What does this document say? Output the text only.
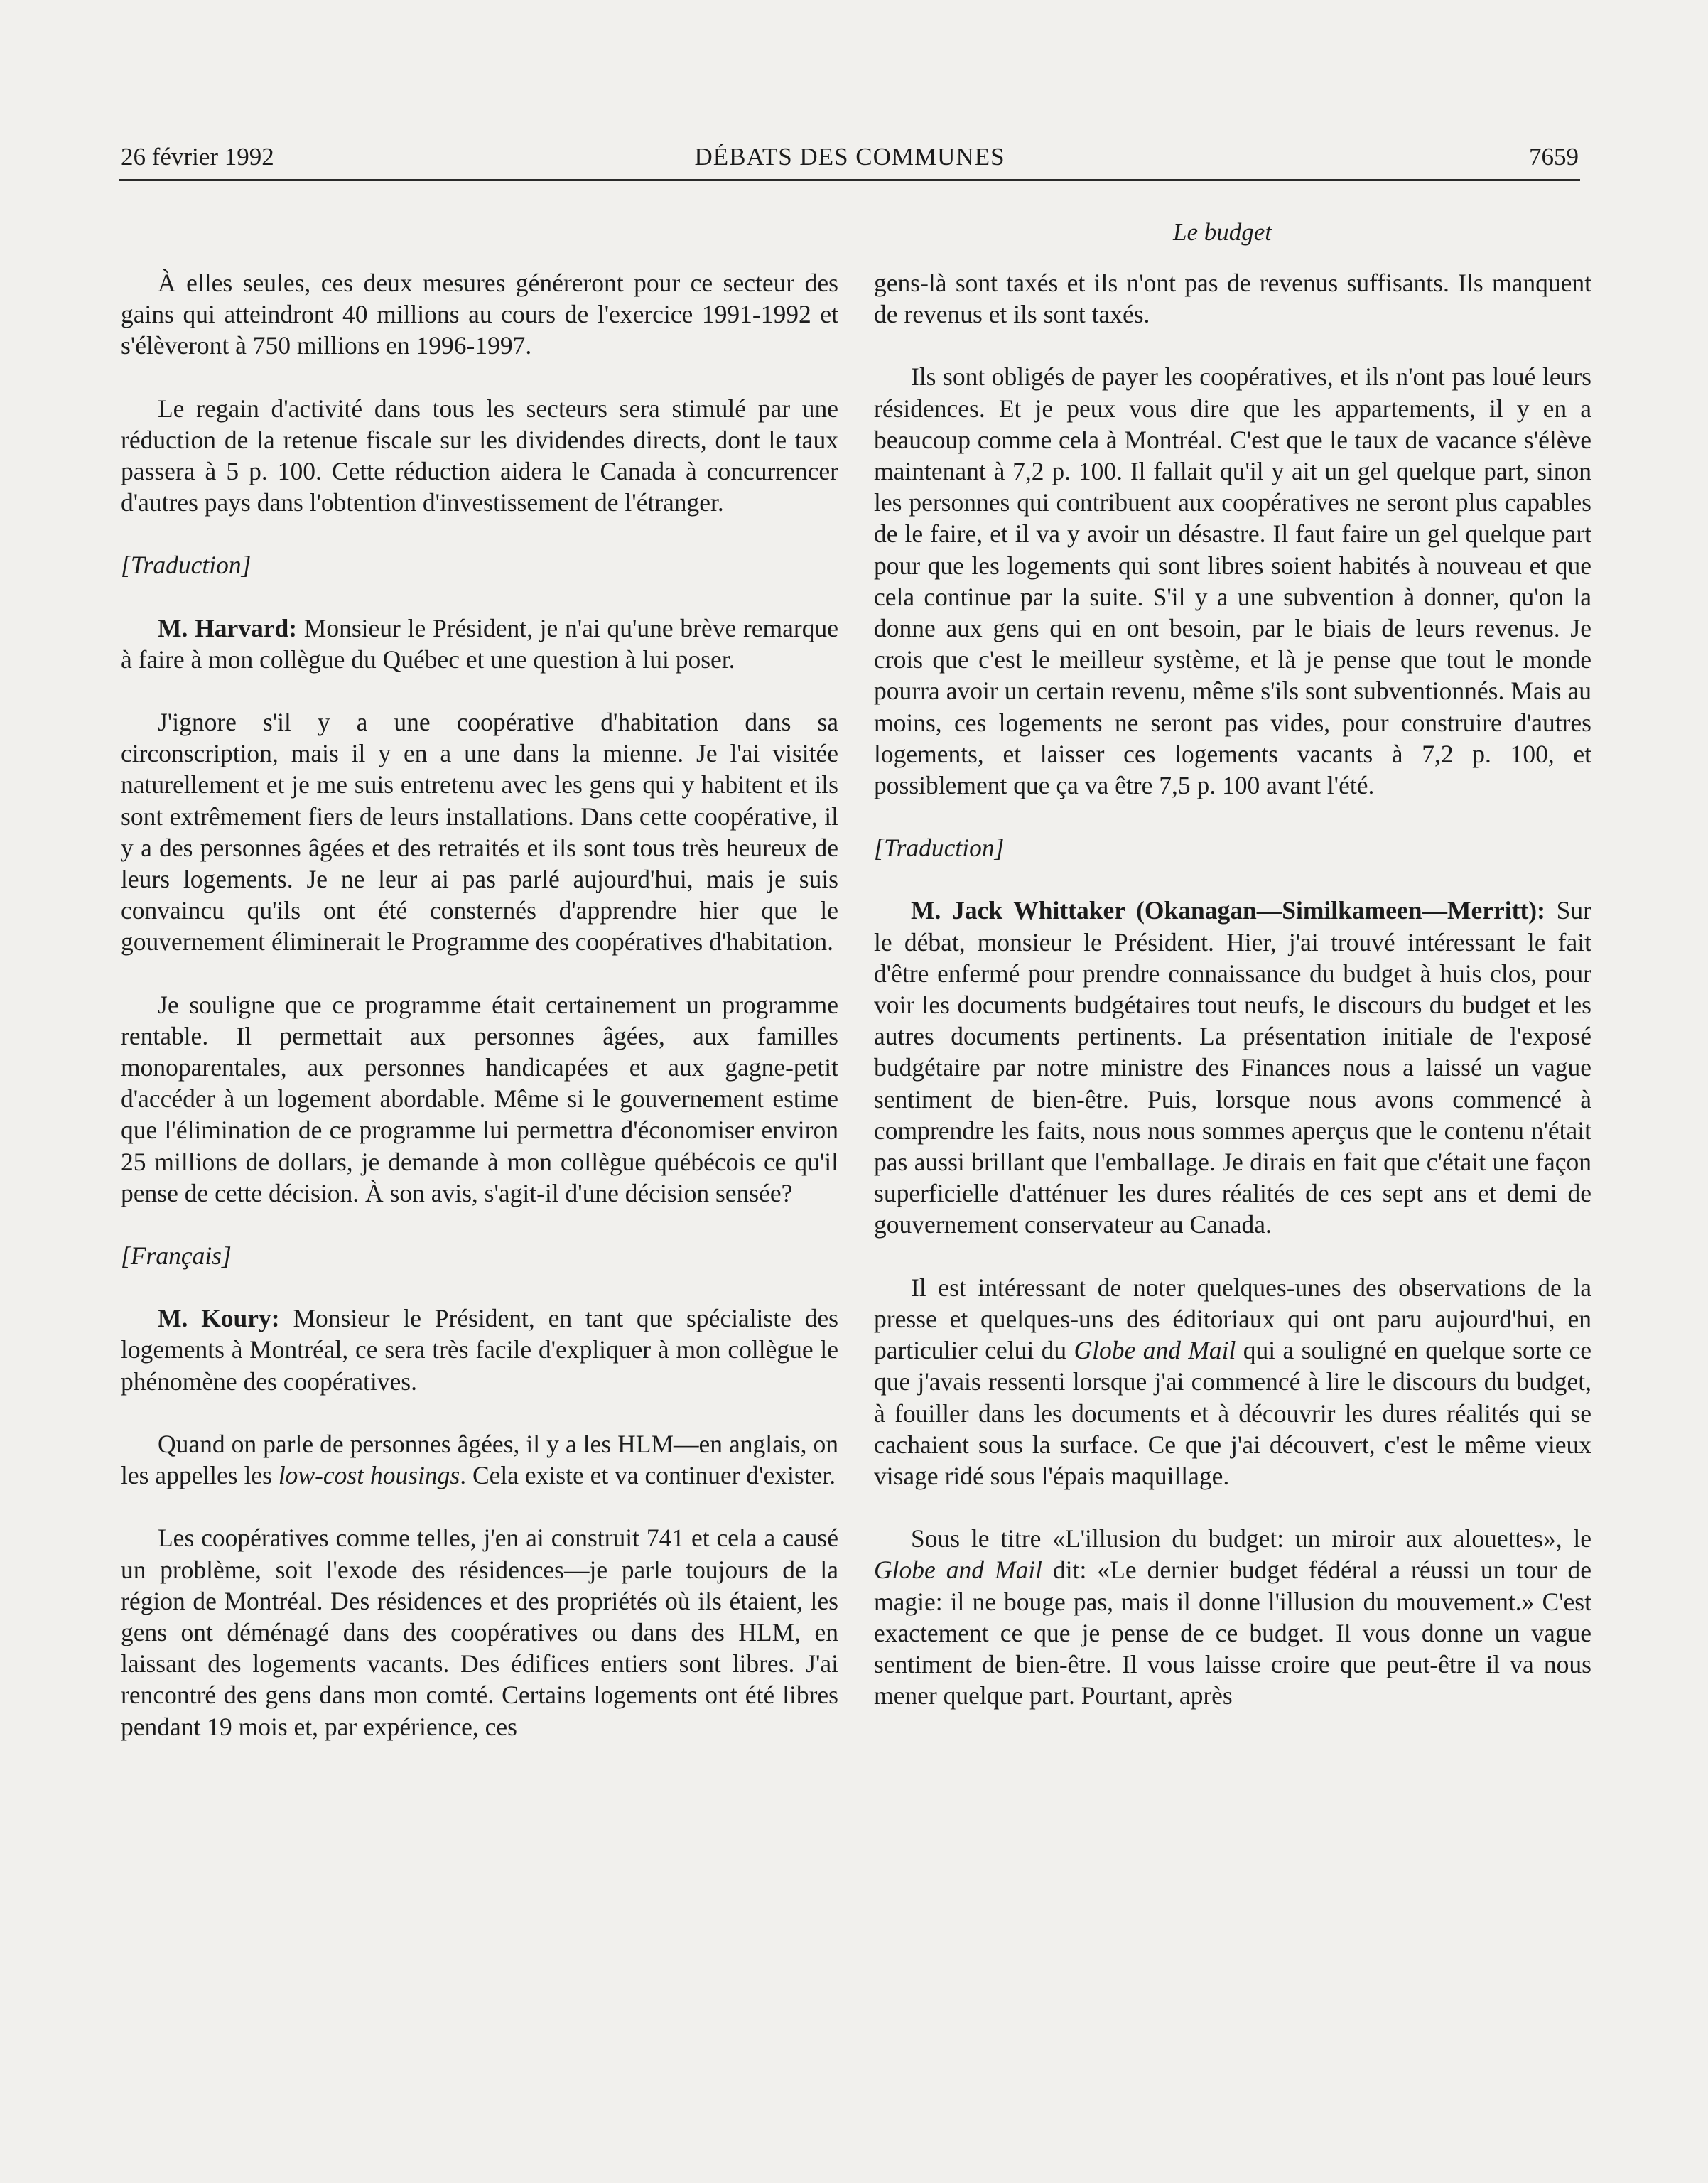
26 février 1992	DÉBATS DES COMMUNES	7659
Le budget

À elles seules, ces deux mesures généreront pour ce secteur des gains qui atteindront 40 millions au cours de l'exercice 1991-1992 et s'élèveront à 750 millions en 1996-1997.

Le regain d'activité dans tous les secteurs sera stimulé par une réduction de la retenue fiscale sur les dividendes directs, dont le taux passera à 5 p. 100. Cette réduction aidera le Canada à concurrencer d'autres pays dans l'obtention d'investissement de l'étranger.

[Traduction]

M. Harvard: Monsieur le Président, je n'ai qu'une brève remarque à faire à mon collègue du Québec et une question à lui poser.

J'ignore s'il y a une coopérative d'habitation dans sa circonscription, mais il y en a une dans la mienne. Je l'ai visitée naturellement et je me suis entretenu avec les gens qui y habitent et ils sont extrêmement fiers de leurs installations. Dans cette coopérative, il y a des personnes âgées et des retraités et ils sont tous très heureux de leurs logements. Je ne leur ai pas parlé aujourd'hui, mais je suis convaincu qu'ils ont été consternés d'apprendre hier que le gouvernement éliminerait le Programme des coopératives d'habitation.

Je souligne que ce programme était certainement un programme rentable. Il permettait aux personnes âgées, aux familles monoparentales, aux personnes handicapées et aux gagne-petit d'accéder à un logement abordable. Même si le gouvernement estime que l'élimination de ce programme lui permettra d'économiser environ 25 millions de dollars, je demande à mon collègue québécois ce qu'il pense de cette décision. À son avis, s'agit-il d'une décision sensée?

[Français]

M. Koury: Monsieur le Président, en tant que spécialiste des logements à Montréal, ce sera très facile d'expliquer à mon collègue le phénomène des coopératives.

Quand on parle de personnes âgées, il y a les HLM—en anglais, on les appelles les low-cost housings. Cela existe et va continuer d'exister.

Les coopératives comme telles, j'en ai construit 741 et cela a causé un problème, soit l'exode des résidences—je parle toujours de la région de Montréal. Des résidences et des propriétés où ils étaient, les gens ont déménagé dans des coopératives ou dans des HLM, en laissant des logements vacants. Des édifices entiers sont libres. J'ai rencontré des gens dans mon comté. Certains logements ont été libres pendant 19 mois et, par expérience, ces

gens-là sont taxés et ils n'ont pas de revenus suffisants. Ils manquent de revenus et ils sont taxés.

Ils sont obligés de payer les coopératives, et ils n'ont pas loué leurs résidences. Et je peux vous dire que les appartements, il y en a beaucoup comme cela à Montréal. C'est que le taux de vacance s'élève maintenant à 7,2 p. 100. Il fallait qu'il y ait un gel quelque part, sinon les personnes qui contribuent aux coopératives ne seront plus capables de le faire, et il va y avoir un désastre. Il faut faire un gel quelque part pour que les logements qui sont libres soient habités à nouveau et que cela continue par la suite. S'il y a une subvention à donner, qu'on la donne aux gens qui en ont besoin, par le biais de leurs revenus. Je crois que c'est le meilleur système, et là je pense que tout le monde pourra avoir un certain revenu, même s'ils sont subventionnés. Mais au moins, ces logements ne seront pas vides, pour construire d'autres logements, et laisser ces logements vacants à 7,2 p. 100, et possiblement que ça va être 7,5 p. 100 avant l'été.

[Traduction]

M. Jack Whittaker (Okanagan—Similkameen—Merritt): Sur le débat, monsieur le Président. Hier, j'ai trouvé intéressant le fait d'être enfermé pour prendre connaissance du budget à huis clos, pour voir les documents budgétaires tout neufs, le discours du budget et les autres documents pertinents. La présentation initiale de l'exposé budgétaire par notre ministre des Finances nous a laissé un vague sentiment de bien-être. Puis, lorsque nous avons commencé à comprendre les faits, nous nous sommes aperçus que le contenu n'était pas aussi brillant que l'emballage. Je dirais en fait que c'était une façon superficielle d'atténuer les dures réalités de ces sept ans et demi de gouvernement conservateur au Canada.

Il est intéressant de noter quelques-unes des observations de la presse et quelques-uns des éditoriaux qui ont paru aujourd'hui, en particulier celui du Globe and Mail qui a souligné en quelque sorte ce que j'avais ressenti lorsque j'ai commencé à lire le discours du budget, à fouiller dans les documents et à découvrir les dures réalités qui se cachaient sous la surface. Ce que j'ai découvert, c'est le même vieux visage ridé sous l'épais maquillage.

Sous le titre «L'illusion du budget: un miroir aux alouettes», le Globe and Mail dit: «Le dernier budget fédéral a réussi un tour de magie: il ne bouge pas, mais il donne l'illusion du mouvement.» C'est exactement ce que je pense de ce budget. Il vous donne un vague sentiment de bien-être. Il vous laisse croire que peut-être il va nous mener quelque part. Pourtant, après
